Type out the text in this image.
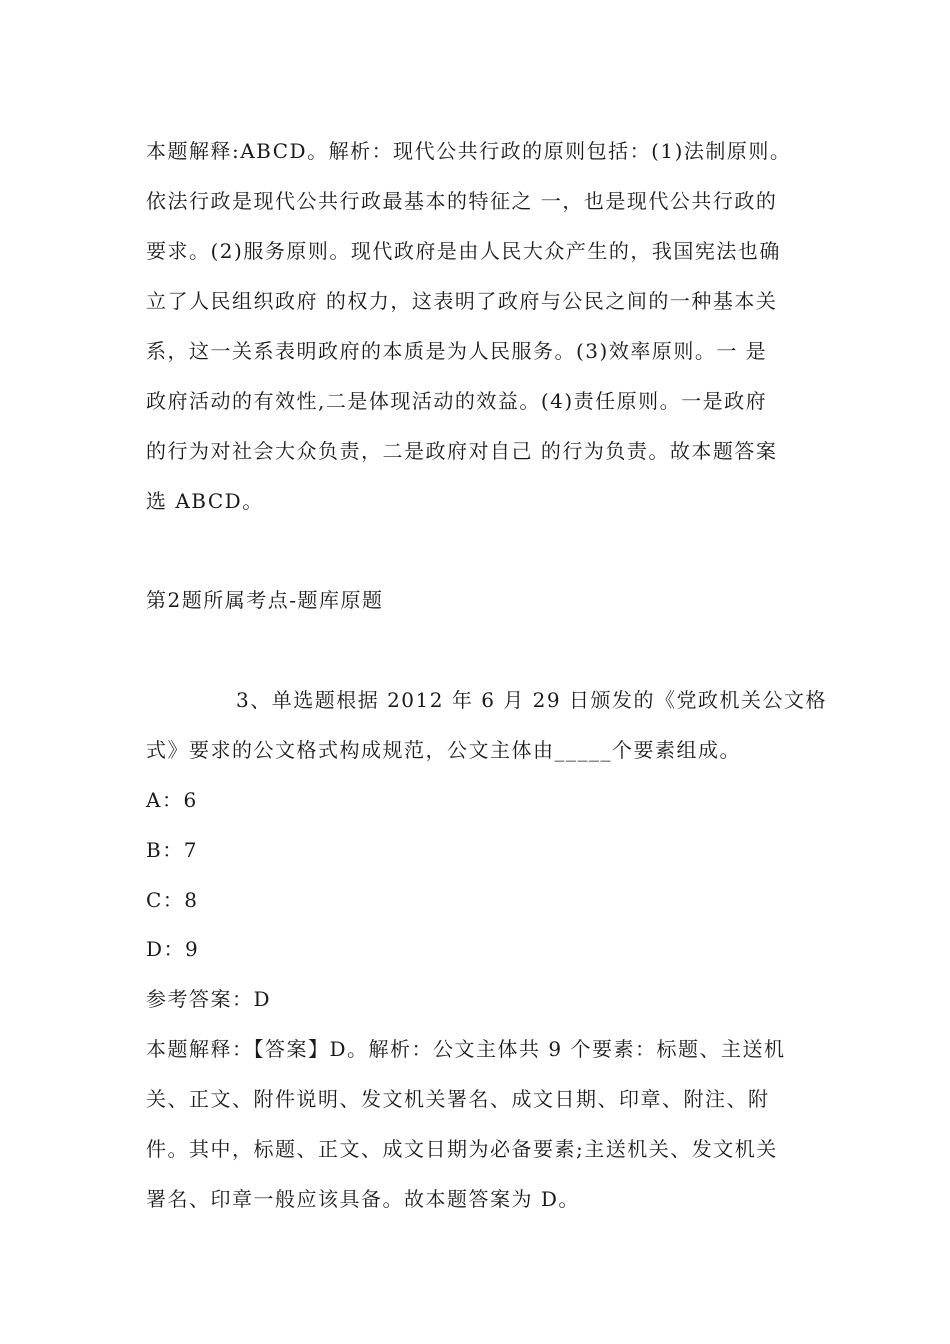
本题解释:ABCD。解析：现代公共行政的原则包括：(1)法制原则。
依法行政是现代公共行政最基本的特征之 一，也是现代公共行政的
要求。(2)服务原则。现代政府是由人民大众产生的，我国宪法也确
立了人民组织政府 的权力，这表明了政府与公民之间的一种基本关
系，这一关系表明政府的本质是为人民服务。(3)效率原则。一 是
政府活动的有效性,二是体现活动的效益。(4)责任原则。一是政府
的行为对社会大众负责，二是政府对自己 的行为负责。故本题答案
选 ABCD。
第2题所属考点-题库原题
3、单选题根据 2012 年 6 月 29 日颁发的《党政机关公文格
式》要求的公文格式构成规范，公文主体由_____个要素组成。
A：6
B：7
C：8
D：9
参考答案：D
本题解释：【答案】D。解析：公文主体共 9 个要素：标题、主送机
关、正文、附件说明、发文机关署名、成文日期、印章、附注、附
件。其中，标题、正文、成文日期为必备要素;主送机关、发文机关
署名、印章一般应该具备。故本题答案为 D。
